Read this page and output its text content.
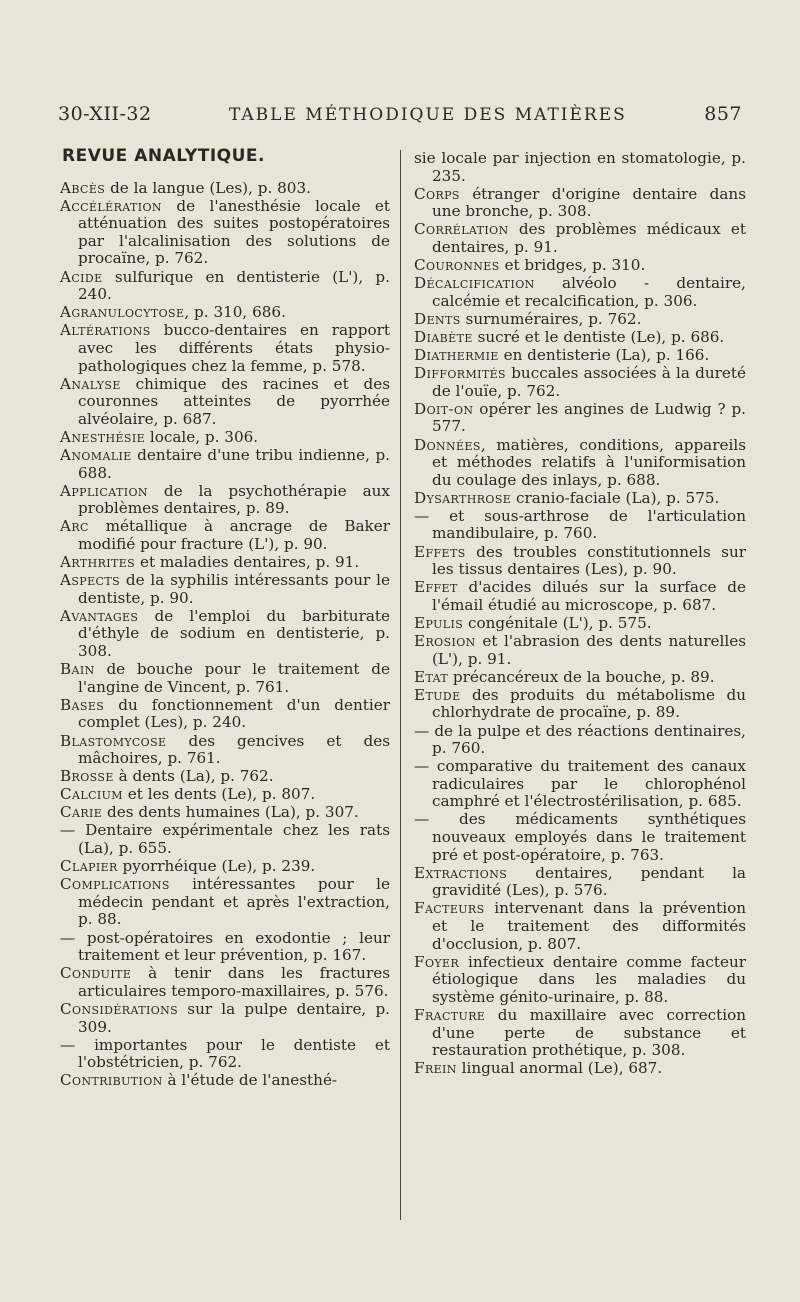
30-XII-32	TABLE MÉTHODIQUE DES MATIÈRES	857
REVUE ANALYTIQUE.
Abcès de la langue (Les), p. 803.
Accélération de l'anesthésie locale et atténuation des suites postopératoires par l'alcalinisation des solutions de procaïne, p. 762.
Acide sulfurique en dentisterie (L'), p. 240.
Agranulocytose, p. 310, 686.
Altérations bucco-dentaires en rapport avec les différents états physio-pathologiques chez la femme, p. 578.
Analyse chimique des racines et des couronnes atteintes de pyorrhée alvéolaire, p. 687.
Anesthésie locale, p. 306.
Anomalie dentaire d'une tribu indienne, p. 688.
Application de la psychothérapie aux problèmes dentaires, p. 89.
Arc métallique à ancrage de Baker modifié pour fracture (L'), p. 90.
Arthrites et maladies dentaires, p. 91.
Aspects de la syphilis intéressants pour le dentiste, p. 90.
Avantages de l'emploi du barbiturate d'éthyle de sodium en dentisterie, p. 308.
Bain de bouche pour le traitement de l'angine de Vincent, p. 761.
Bases du fonctionnement d'un dentier complet (Les), p. 240.
Blastomycose des gencives et des mâchoires, p. 761.
Brosse à dents (La), p. 762.
Calcium et les dents (Le), p. 807.
Carie des dents humaines (La), p. 307.
— Dentaire expérimentale chez les rats (La), p. 655.
Clapier pyorrhéique (Le), p. 239.
Complications intéressantes pour le médecin pendant et après l'extraction, p. 88.
— post-opératoires en exodontie ; leur traitement et leur prévention, p. 167.
Conduite à tenir dans les fractures articulaires temporo-maxillaires, p. 576.
Considérations sur la pulpe dentaire, p. 309.
— importantes pour le dentiste et l'obstétricien, p. 762.
Contribution à l'étude de l'anesthé-
sie locale par injection en stomatologie, p. 235.
Corps étranger d'origine dentaire dans une bronche, p. 308.
Corrélation des problèmes médicaux et dentaires, p. 91.
Couronnes et bridges, p. 310.
Décalcification alvéolo - dentaire, calcémie et recalcification, p. 306.
Dents surnuméraires, p. 762.
Diabète sucré et le dentiste (Le), p. 686.
Diathermie en dentisterie (La), p. 166.
Difformités buccales associées à la dureté de l'ouïe, p. 762.
Doit-on opérer les angines de Ludwig ? p. 577.
Données, matières, conditions, appareils et méthodes relatifs à l'uniformisation du coulage des inlays, p. 688.
Dysarthrose cranio-faciale (La), p. 575.
— et sous-arthrose de l'articulation mandibulaire, p. 760.
Effets des troubles constitutionnels sur les tissus dentaires (Les), p. 90.
Effet d'acides dilués sur la surface de l'émail étudié au microscope, p. 687.
Epulis congénitale (L'), p. 575.
Erosion et l'abrasion des dents naturelles (L'), p. 91.
Etat précancéreux de la bouche, p. 89.
Etude des produits du métabolisme du chlorhydrate de procaïne, p. 89.
— de la pulpe et des réactions dentinaires, p. 760.
— comparative du traitement des canaux radiculaires par le chlorophénol camphré et l'électrostérilisation, p. 685.
— des médicaments synthétiques nouveaux employés dans le traitement pré et post-opératoire, p. 763.
Extractions dentaires, pendant la gravidité (Les), p. 576.
Facteurs intervenant dans la prévention et le traitement des difformités d'occlusion, p. 807.
Foyer infectieux dentaire comme facteur étiologique dans les maladies du système génito-urinaire, p. 88.
Fracture du maxillaire avec correction d'une perte de substance et restauration prothétique, p. 308.
Frein lingual anormal (Le), 687.
